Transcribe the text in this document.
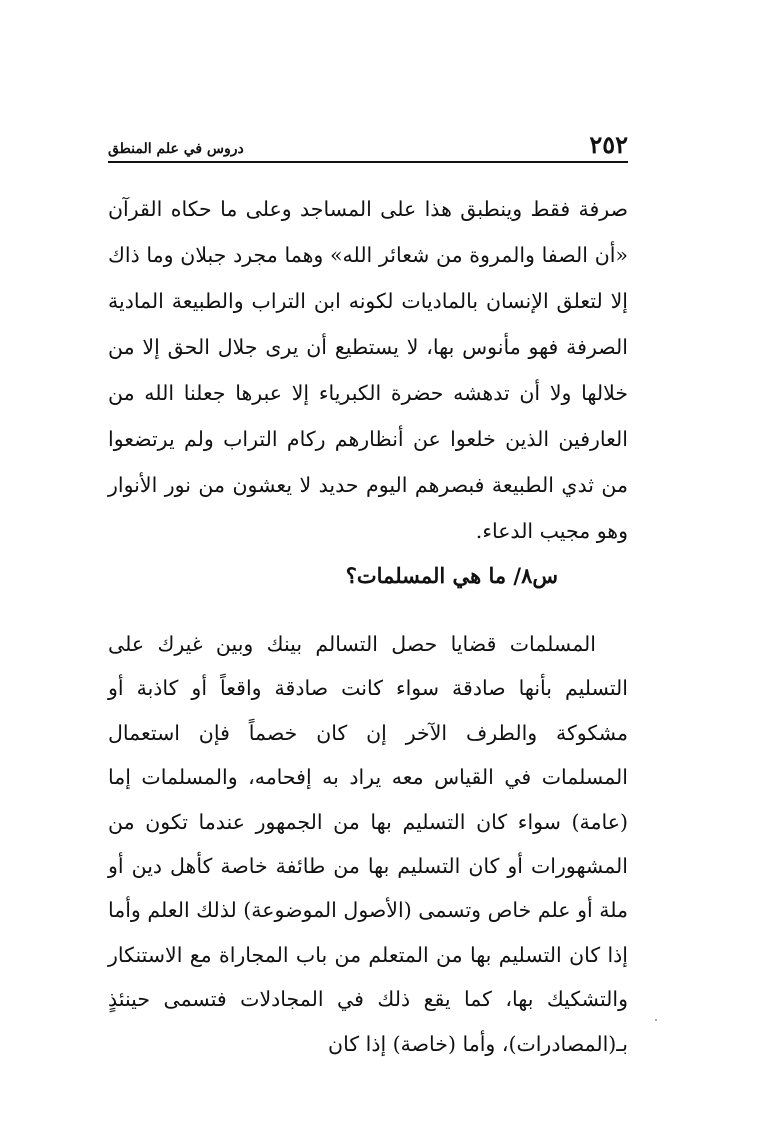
٢٥٢
دروس في علم المنطق

صرفة فقط وينطبق هذا على المساجد وعلى ما حكاه القرآن «أن الصفا والمروة من شعائر الله» وهما مجرد جبلان وما ذاك إلا لتعلق الإنسان بالماديات لكونه ابن التراب والطبيعة المادية الصرفة فهو مأنوس بها، لا يستطيع أن يرى جلال الحق إلا من خلالها ولا أن تدهشه حضرة الكبرياء إلا عبرها جعلنا الله من العارفين الذين خلعوا عن أنظارهم ركام التراب ولم يرتضعوا من ثدي الطبيعة فبصرهم اليوم حديد لا يعشون من نور الأنوار وهو مجيب الدعاء.

س٨/ ما هي المسلمات؟

المسلمات قضايا حصل التسالم بينك وبين غيرك على التسليم بأنها صادقة سواء كانت صادقة واقعاً أو كاذبة أو مشكوكة والطرف الآخر إن كان خصماً فإن استعمال المسلمات في القياس معه يراد به إفحامه، والمسلمات إما (عامة) سواء كان التسليم بها من الجمهور عندما تكون من المشهورات أو كان التسليم بها من طائفة خاصة كأهل دين أو ملة أو علم خاص وتسمى (الأصول الموضوعة) لذلك العلم وأما إذا كان التسليم بها من المتعلم من باب المجاراة مع الاستنكار والتشكيك بها، كما يقع ذلك في المجادلات فتسمى حينئذٍ بـ(المصادرات)، وأما (خاصة) إذا كان
